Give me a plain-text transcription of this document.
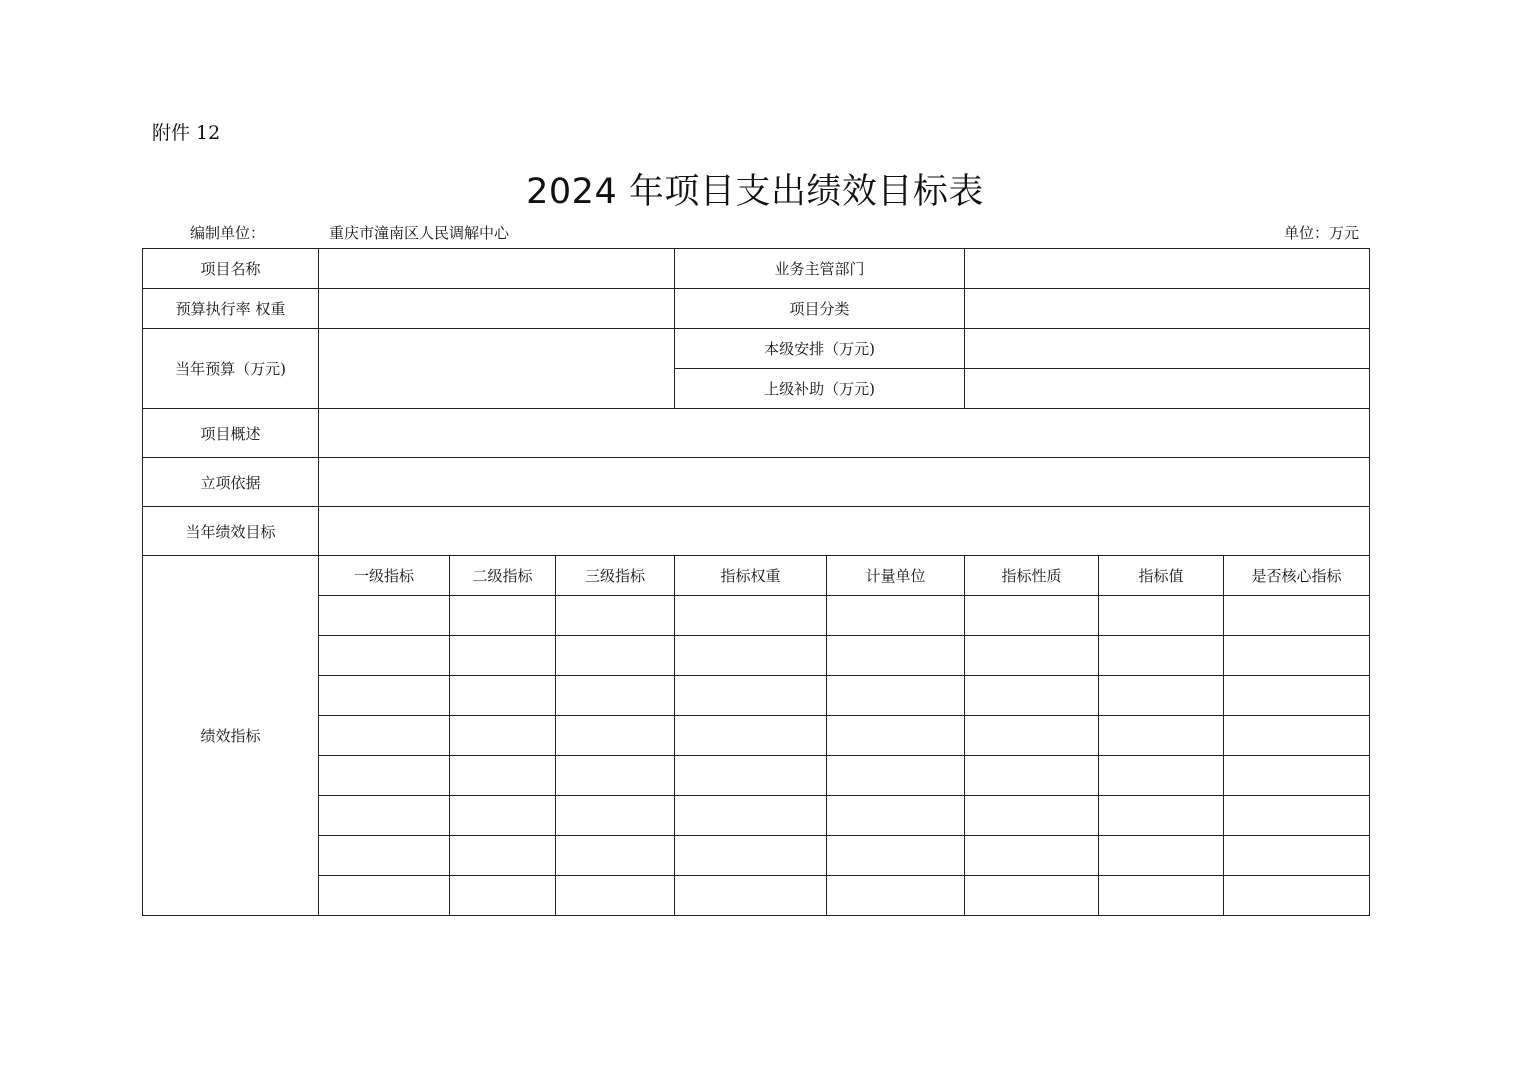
附件 12
2024 年项目支出绩效目标表
编制单位：	重庆市潼南区人民调解中心	单位：万元
项目名称				业务主管部门				
预算执行率 权重				项目分类				
当年预算（万元)				本级安排（万元)				
				上级补助（万元)				
项目概述								
立项依据								
当年绩效目标								
绩效指标	一级指标	二级指标	三级指标	指标权重	计量单位	指标性质	指标值	是否核心指标
